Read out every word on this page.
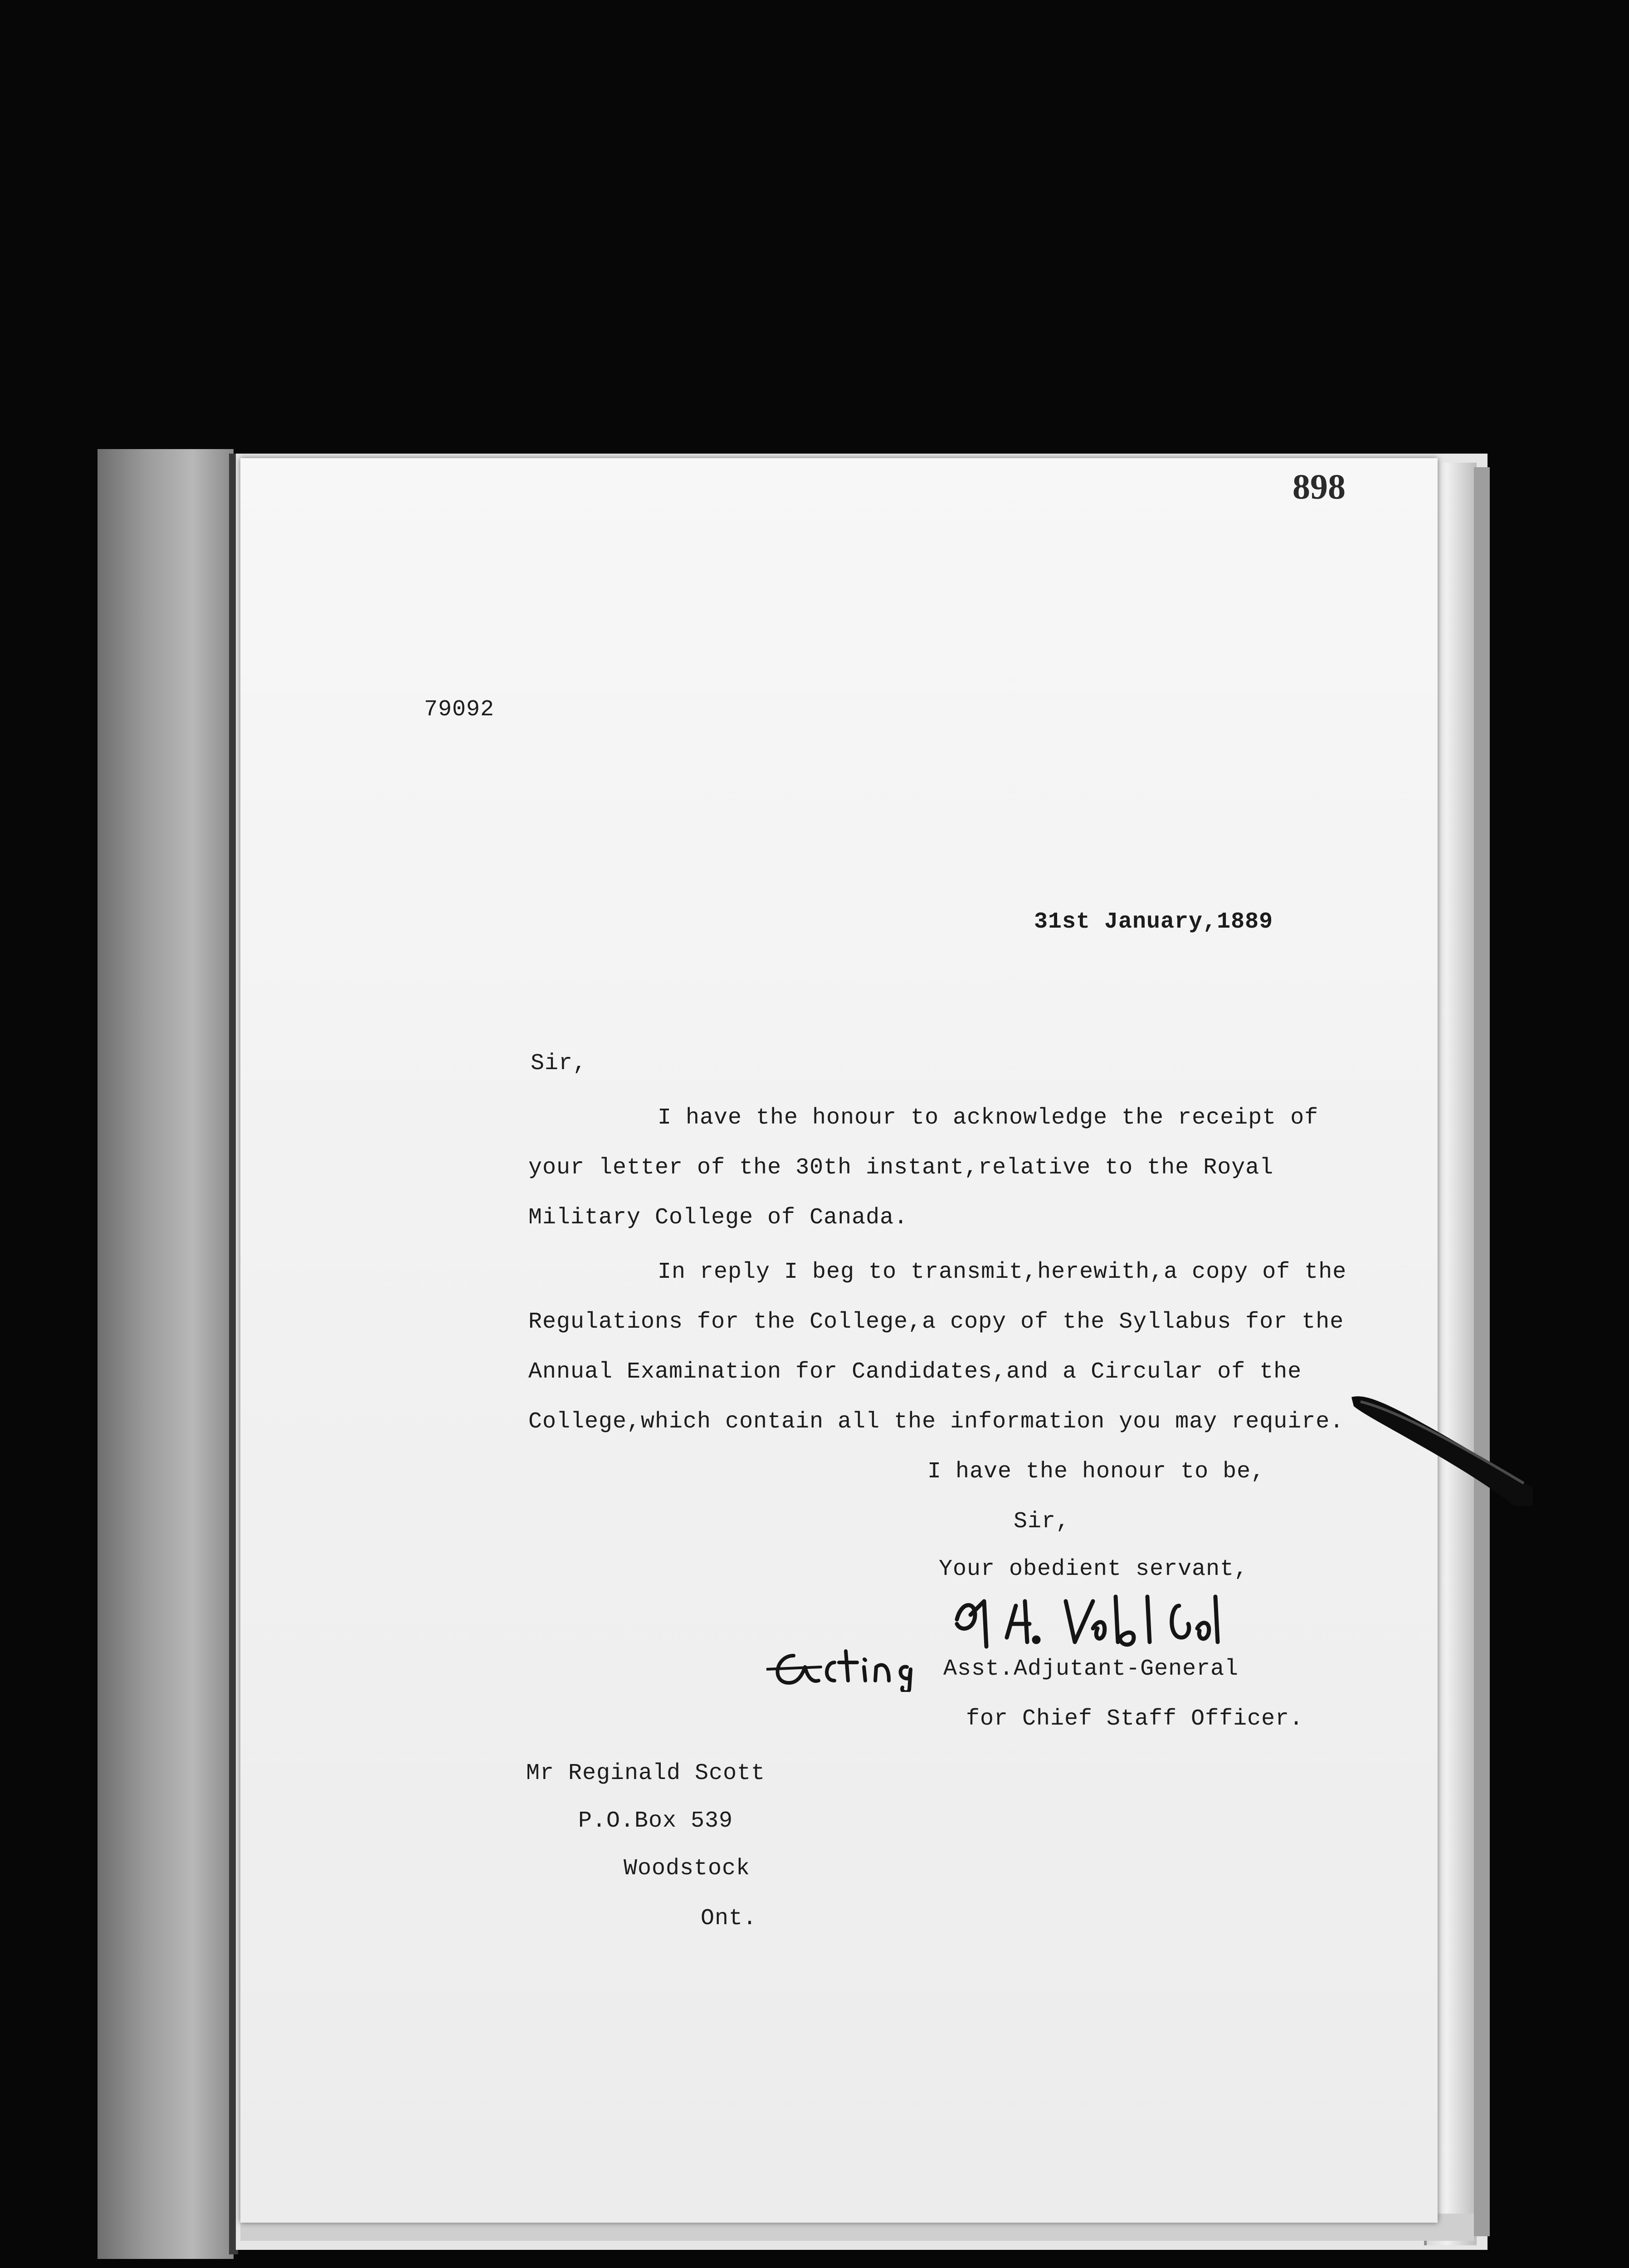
898
79092
31st January,1889
Sir,
I have the honour to acknowledge the receipt of
your letter of the 30th instant,relative to the Royal
Military College of Canada.
In reply I beg to transmit,herewith,a copy of the
Regulations for the College,a copy of the Syllabus for the
Annual Examination for Candidates,and a Circular of the
College,which contain all the information you may require.
I have the honour to be,
Sir,
Your obedient servant,
Asst.Adjutant-General
for Chief Staff Officer.
Mr Reginald Scott
P.O.Box 539
Woodstock
Ont.
